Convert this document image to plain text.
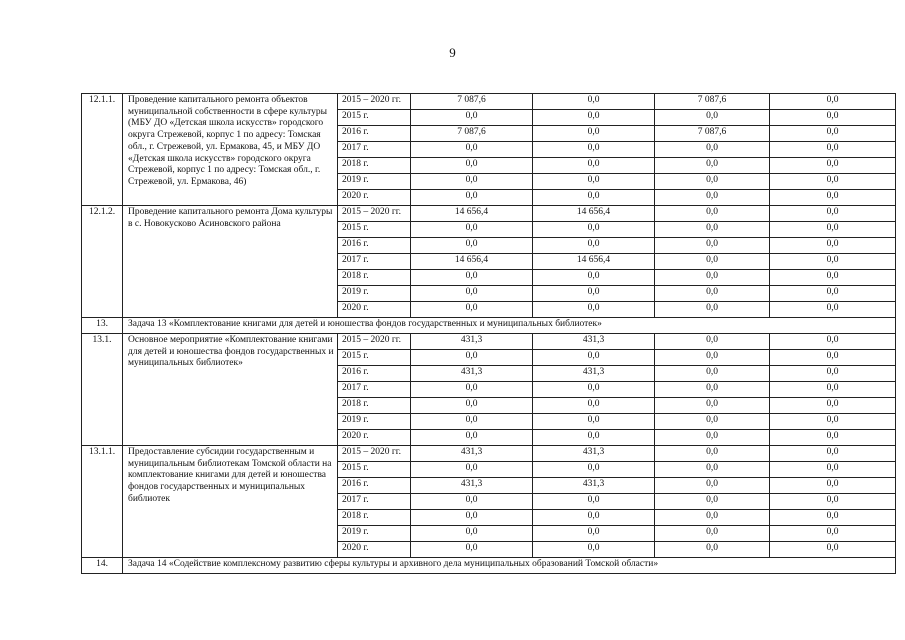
9
12.1.1.	Проведение капитального ремонта объектов муниципальной собственности в сфере культуры (МБУ ДО «Детская школа искусств» городского округа Стрежевой, корпус 1 по адресу: Томская обл., г. Стрежевой, ул. Ермакова, 45, и МБУ ДО «Детская школа искусств» городского округа Стрежевой, корпус 1 по адресу: Томская обл., г. Стрежевой, ул. Ермакова, 46)	2015 – 2020 гг.	7 087,6	0,0	7 087,6	0,0
		2015 г.	0,0	0,0	0,0	0,0
		2016 г.	7 087,6	0,0	7 087,6	0,0
		2017 г.	0,0	0,0	0,0	0,0
		2018 г.	0,0	0,0	0,0	0,0
		2019 г.	0,0	0,0	0,0	0,0
		2020 г.	0,0	0,0	0,0	0,0
12.1.2.	Проведение капитального ремонта Дома культуры в с. Новокусково Асиновского района	2015 – 2020 гг.	14 656,4	14 656,4	0,0	0,0
		2015 г.	0,0	0,0	0,0	0,0
		2016 г.	0,0	0,0	0,0	0,0
		2017 г.	14 656,4	14 656,4	0,0	0,0
		2018 г.	0,0	0,0	0,0	0,0
		2019 г.	0,0	0,0	0,0	0,0
		2020 г.	0,0	0,0	0,0	0,0
13.	Задача 13 «Комплектование книгами для детей и юношества фондов государственных и муниципальных библиотек»					
13.1.	Основное мероприятие «Комплектование книгами для детей и юношества фондов государственных и муниципальных библиотек»	2015 – 2020 гг.	431,3	431,3	0,0	0,0
		2015 г.	0,0	0,0	0,0	0,0
		2016 г.	431,3	431,3	0,0	0,0
		2017 г.	0,0	0,0	0,0	0,0
		2018 г.	0,0	0,0	0,0	0,0
		2019 г.	0,0	0,0	0,0	0,0
		2020 г.	0,0	0,0	0,0	0,0
13.1.1.	Предоставление субсидии государственным и муниципальным библиотекам Томской области на комплектование книгами для детей и юношества фондов государственных и муниципальных библиотек	2015 – 2020 гг.	431,3	431,3	0,0	0,0
		2015 г.	0,0	0,0	0,0	0,0
		2016 г.	431,3	431,3	0,0	0,0
		2017 г.	0,0	0,0	0,0	0,0
		2018 г.	0,0	0,0	0,0	0,0
		2019 г.	0,0	0,0	0,0	0,0
		2020 г.	0,0	0,0	0,0	0,0
14.	Задача 14 «Содействие комплексному развитию сферы культуры и архивного дела муниципальных образований Томской области»					
